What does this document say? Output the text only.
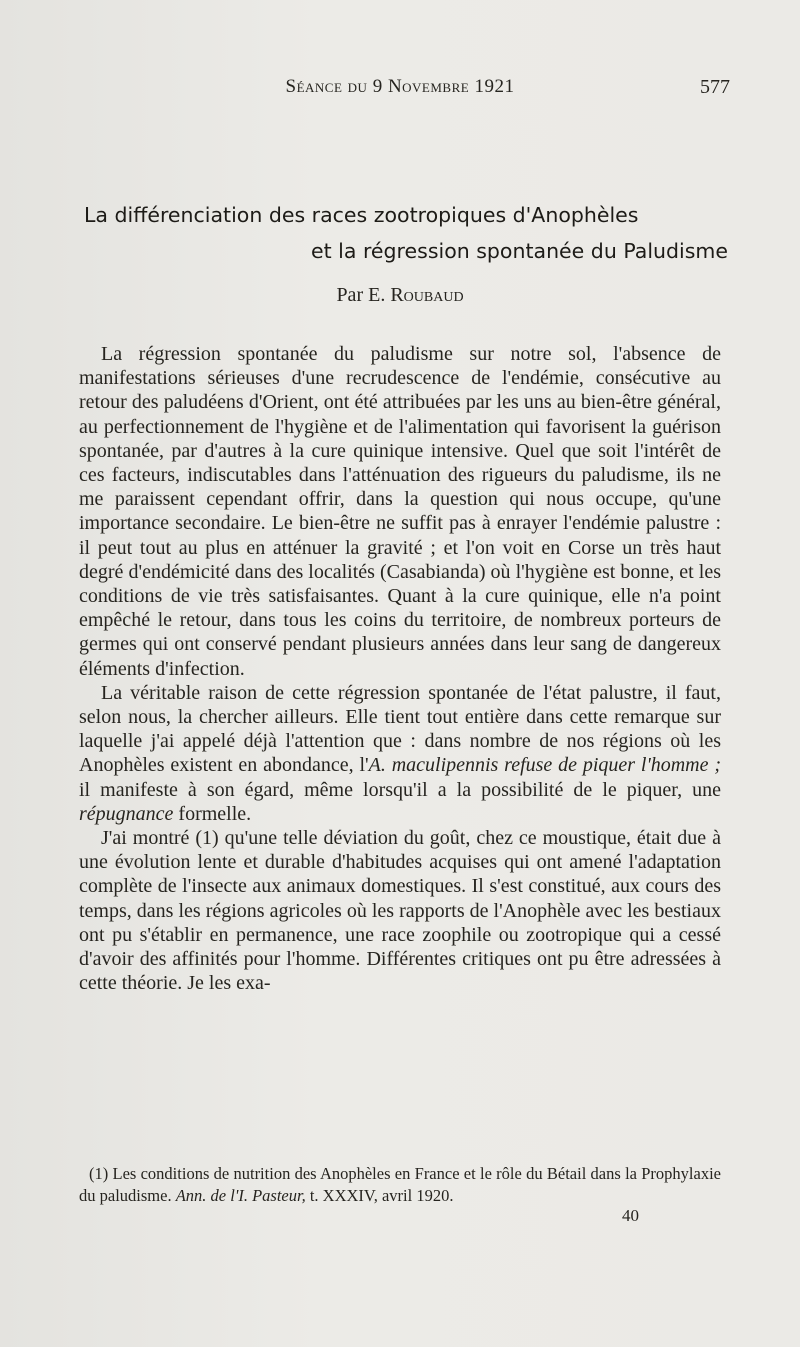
Séance du 9 Novembre 1921	577
La différenciation des races zootropiques d'Anophèles
et la régression spontanée du Paludisme
Par E. Roubaud

La régression spontanée du paludisme sur notre sol, l'absence de manifestations sérieuses d'une recrudescence de l'endémie, consécutive au retour des paludéens d'Orient, ont été attribuées par les uns au bien-être général, au perfectionnement de l'hygiène et de l'alimentation qui favorisent la guérison spontanée, par d'autres à la cure quinique intensive. Quel que soit l'intérêt de ces facteurs, indiscutables dans l'atténuation des rigueurs du paludisme, ils ne me paraissent cependant offrir, dans la question qui nous occupe, qu'une importance secondaire. Le bien-être ne suffit pas à enrayer l'endémie palustre : il peut tout au plus en atténuer la gravité ; et l'on voit en Corse un très haut degré d'endémicité dans des localités (Casabianda) où l'hygiène est bonne, et les conditions de vie très satisfaisantes. Quant à la cure quinique, elle n'a point empêché le retour, dans tous les coins du territoire, de nombreux porteurs de germes qui ont conservé pendant plusieurs années dans leur sang de dangereux éléments d'infection.

La véritable raison de cette régression spontanée de l'état palustre, il faut, selon nous, la chercher ailleurs. Elle tient tout entière dans cette remarque sur laquelle j'ai appelé déjà l'attention que : dans nombre de nos régions où les Anophèles existent en abondance, l'A. maculipennis refuse de piquer l'homme ; il manifeste à son égard, même lorsqu'il a la possibilité de le piquer, une répugnance formelle.

J'ai montré (1) qu'une telle déviation du goût, chez ce moustique, était due à une évolution lente et durable d'habitudes acquises qui ont amené l'adaptation complète de l'insecte aux animaux domestiques. Il s'est constitué, aux cours des temps, dans les régions agricoles où les rapports de l'Anophèle avec les bestiaux ont pu s'établir en permanence, une race zoophile ou zootropique qui a cessé d'avoir des affinités pour l'homme. Différentes critiques ont pu être adressées à cette théorie. Je les exa-

(1) Les conditions de nutrition des Anophèles en France et le rôle du Bétail dans la Prophylaxie du paludisme. Ann. de l'I. Pasteur, t. XXXIV, avril 1920.

40
